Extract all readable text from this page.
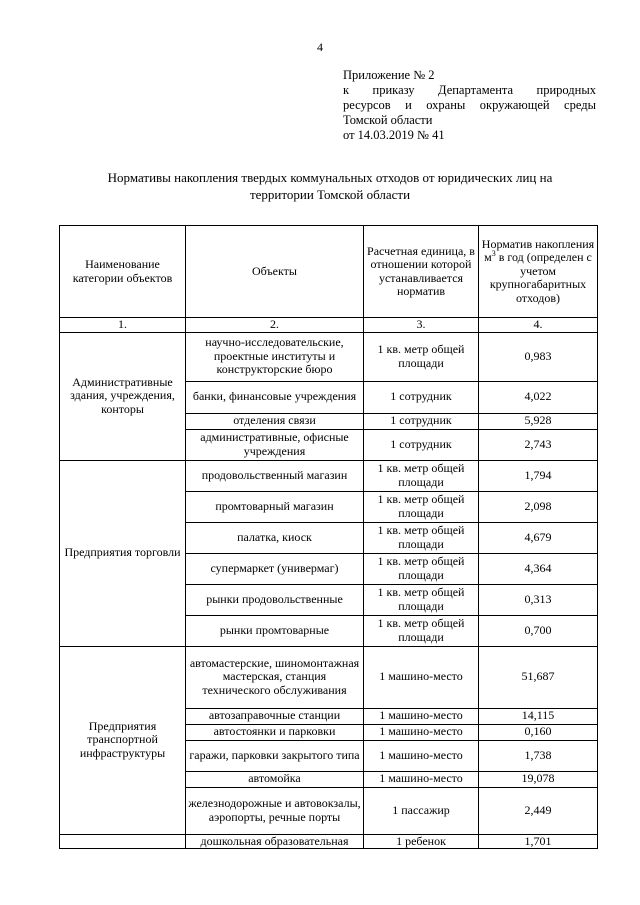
4
Приложение № 2
к приказу Департамента природных
ресурсов и охраны окружающей среды
Томской области
от 14.03.2019 № 41
Нормативы накопления твердых коммунальных отходов от юридических лиц на
территории Томской области
Наименование категории объектов	Объекты	Расчетная единица, в отношении которой устанавливается норматив	Норматив накопления $м^3$ в год (определен с учетом крупногабаритных отходов)
1.	2.	3.	4.
Административные здания, учреждения, конторы	научно-исследовательские, проектные институты и конструкторские бюро	1 кв. метр общей площади	0,983
	банки, финансовые учреждения	1 сотрудник	4,022
	отделения связи	1 сотрудник	5,928
	административные, офисные учреждения	1 сотрудник	2,743
Предприятия торговли	продовольственный магазин	1 кв. метр общей площади	1,794
	промтоварный магазин	1 кв. метр общей площади	2,098
	палатка, киоск	1 кв. метр общей площади	4,679
	супермаркет (универмаг)	1 кв. метр общей площади	4,364
	рынки продовольственные	1 кв. метр общей площади	0,313
	рынки промтоварные	1 кв. метр общей площади	0,700
Предприятия транспортной инфраструктуры	автомастерские, шиномонтажная мастерская, станция технического обслуживания	1 машино-место	51,687
	автозаправочные станции	1 машино-место	14,115
	автостоянки и парковки	1 машино-место	0,160
	гаражи, парковки закрытого типа	1 машино-место	1,738
	автомойка	1 машино-место	19,078
	железнодорожные и автовокзалы, аэропорты, речные порты	1 пассажир	2,449
	дошкольная образовательная	1 ребенок	1,701
